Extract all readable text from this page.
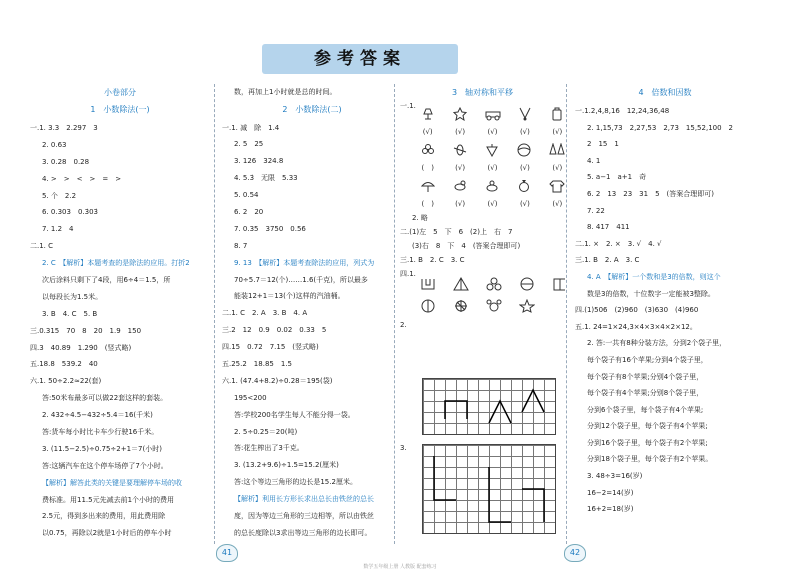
参考答案
小卷部分
1　小数除法(一)
一.1. 3.3　2.297　3
2. 0.63
3. 0.28　0.28
4. >　>　<　>　=　>
5. 个　2.2
6. 0.303　0.3̇03̇
7. 1.2　4
二.1. C
2. C　【解析】本题考查的是除法的应用。打折2
次后涂料只剩下了4段，用6÷4＝1.5，所
以每段长为1.5米。
3. B　4. C　5. B
三.0.315　70　8　20　1.9　150
四.3　40.89　1.29̇0̇　(竖式略)
五.18.8　539.2　40
六.1. 50÷2.2≈22(套)
答:50米布最多可以做22套这样的套装。
2. 432÷4.5−432÷5.4＝16(千米)
答:货车每小时比卡车少行驶16千米。
3. (11.5−2.5)÷0.75÷2+1＝7(小时)
答:这辆汽车在这个停车场停了7个小时。
【解析】解答此类的关键是要理解停车场的收
费标准。用11.5元先减去前1个小时的费用
2.5元，得到多出来的费用，用此费用除
以0.75，再除以2就是1小时后的停车小时
数，再加上1小时就是总的时间。
2　小数除法(二)
一.1. 减　除　1.4
2. 5　25
3. 126　324.8
4. 5.3̇　无限　5.33
5. 0.54
6. 2　20
7. 0.35　3750　0.56
8. 7
9. 13　【解析】本题考查除法的应用，列式为
70÷5.7＝12(个)……1.6(千克)，所以最多
能装12+1＝13(个)这样的汽油桶。
二.1. C　2. A　3. B　4. A
三.2　12　0.9　0.02　0.33　5
四.15　0.72　7.15　(竖式略)
五.25.2　18.85　1.5
六.1. (47.4+8.2)÷0.28＝195(袋)
195<200
答:学校200名学生每人不能分得一袋。
2. 5÷0.25＝20(吨)
答:花生榨出了3千克。
3. (13.2+9.6)÷1.5=15.2(厘米)
答:这个等边三角形的边长是15.2厘米。
【解析】利用长方形长求出总长由铁丝的总长
度，因为等边三角形的三边相等，所以由铁丝
的总长度除以3求出等边三角形的边长即可。
3　轴对称和平移
一.1.
(√)	(√)	(√)	(√)	(√)
(　)	(√)	(√)	(√)	(√)
(　)	(√)	(√)	(√)	(√)
2. 略
二.(1)左　5　下　6　(2)上　右　7
(3)右　8　下　4　(答案合理即可)
三.1. B　2. C　3. C
四.1.
2.
3.
4　倍数和因数
一.1.2,4,8,16　12,24,36,48
2. 1,15,73　2,27,53　2,73　15,52,100　2
2　15　1
4. 1
5. a−1　a+1　奇
6. 2　13　23　31　5　(答案合理即可)
7. 22
8. 417　411
二.1. ×　2. ×　3. √　4. √
三.1. B　2. A　3. C
4. A　【解析】一个数和是3的倍数，则这个
数是3的倍数，十位数字一定能被3整除。
四.(1)506　(2)960　(3)630　(4)960
五.1. 24=1×24,3×4×3×4×2×12。
2. 答:一共有8种分装方法，分到2个袋子里，
每个袋子有16个苹果;分到4个袋子里，
每个袋子有8个苹果;分别4个袋子里，
每个袋子有4个苹果;分别8个袋子里，
分到6个袋子里，每个袋子有4个苹果;
分到12个袋子里，每个袋子有4个苹果;
分到16个袋子里，每个袋子有2个苹果;
分到18个袋子里，每个袋子有2个苹果。
3. 48÷3=16(岁)
16−2=14(岁)
16+2=18(岁)
41	42
数学五年级上册 人教版 配套练习
